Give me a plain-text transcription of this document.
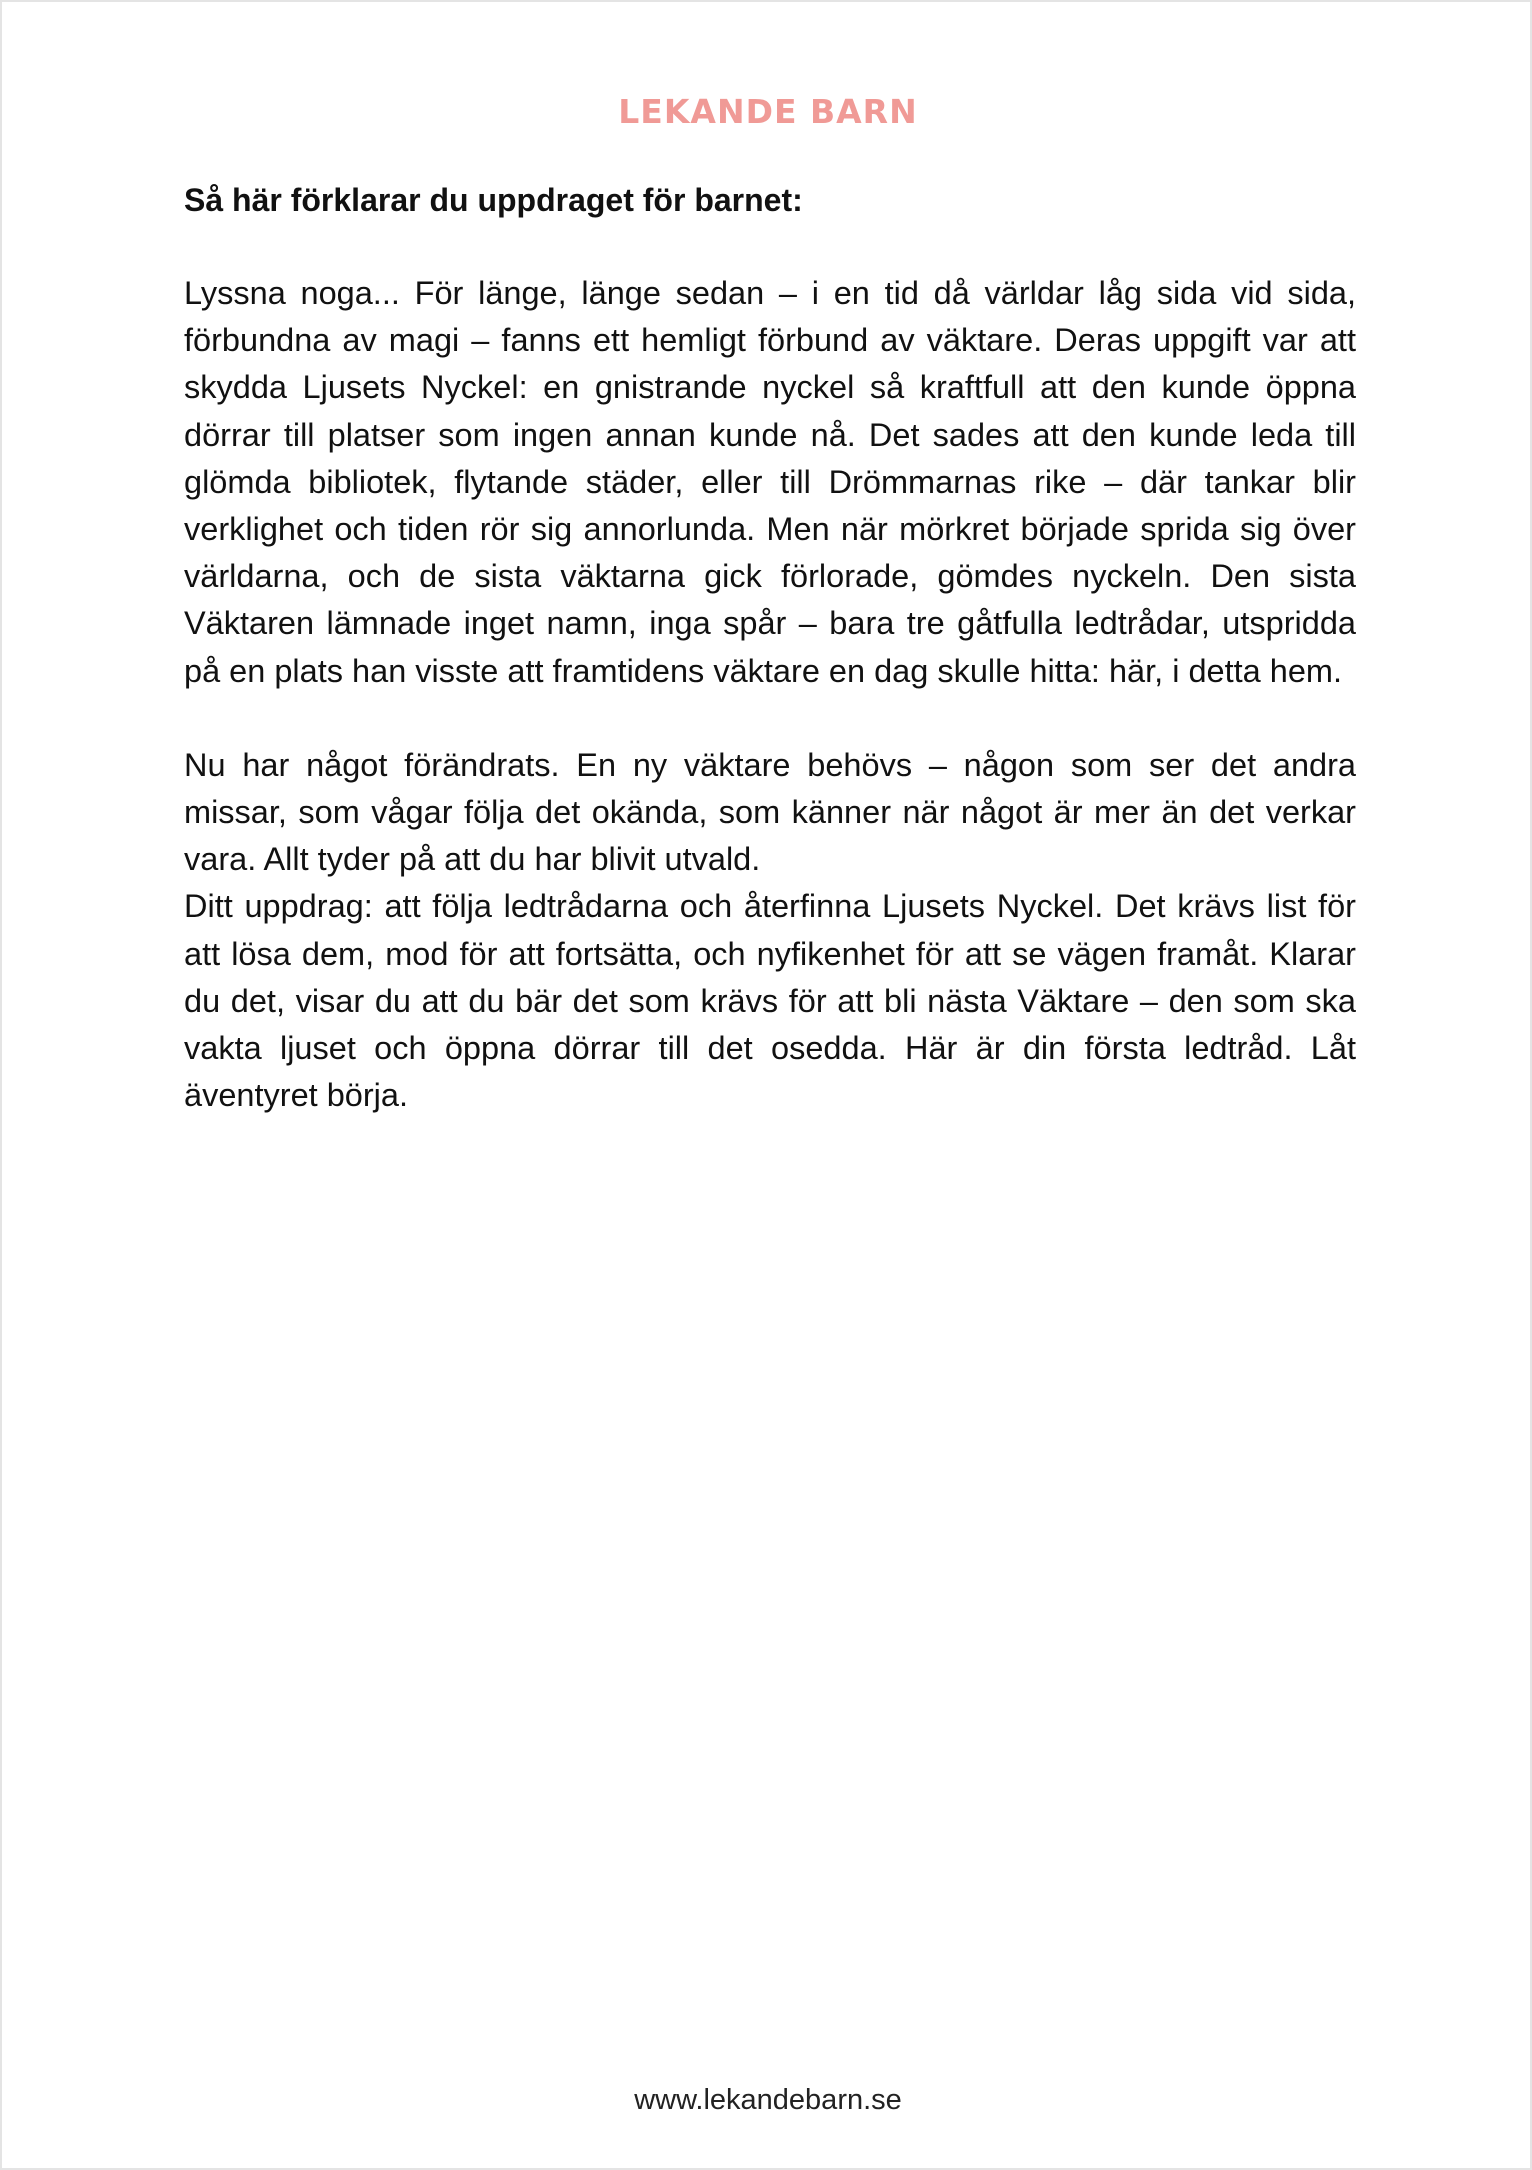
LEKANDE BARN

Så här förklarar du uppdraget för barnet:

Lyssna noga... För länge, länge sedan – i en tid då världar låg sida vid sida, förbundna av magi – fanns ett hemligt förbund av väktare. Deras uppgift var att skydda Ljusets Nyckel: en gnistrande nyckel så kraftfull att den kunde öppna dörrar till platser som ingen annan kunde nå. Det sades att den kunde leda till glömda bibliotek, flytande städer, eller till Drömmarnas rike – där tankar blir verklighet och tiden rör sig annorlunda. Men när mörkret började sprida sig över världarna, och de sista väktarna gick förlorade, gömdes nyckeln. Den sista Väktaren lämnade inget namn, inga spår – bara tre gåtfulla ledtrådar, utspridda på en plats han visste att framtidens väktare en dag skulle hitta: här, i detta hem.

Nu har något förändrats. En ny väktare behövs – någon som ser det andra missar, som vågar följa det okända, som känner när något är mer än det verkar vara. Allt tyder på att du har blivit utvald.

Ditt uppdrag: att följa ledtrådarna och återfinna Ljusets Nyckel. Det krävs list för att lösa dem, mod för att fortsätta, och nyfikenhet för att se vägen framåt. Klarar du det, visar du att du bär det som krävs för att bli nästa Väktare – den som ska vakta ljuset och öppna dörrar till det osedda. Här är din första ledtråd. Låt äventyret börja.

www.lekandebarn.se
